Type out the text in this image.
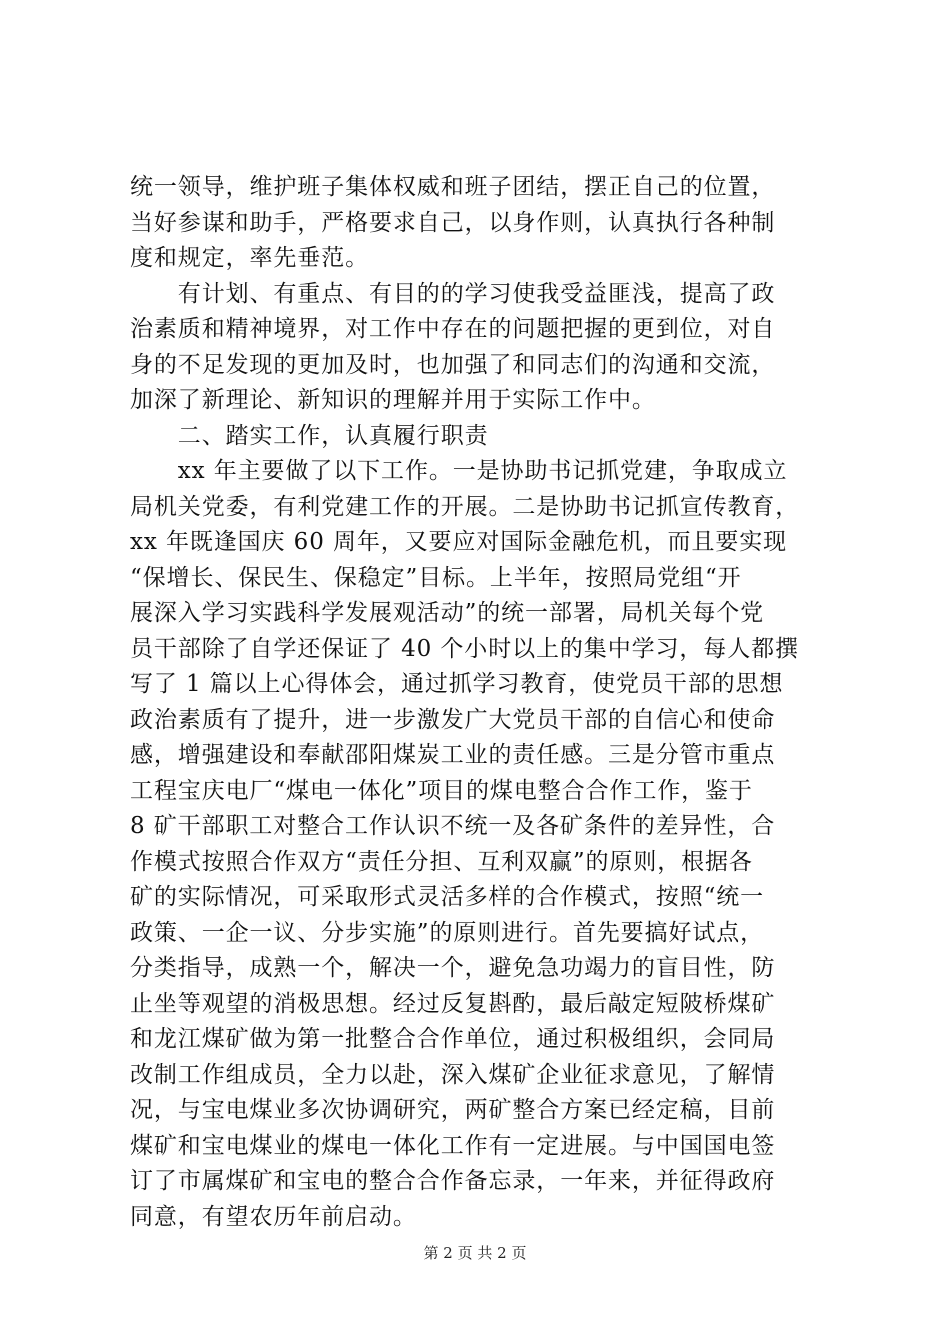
统一领导，维护班子集体权威和班子团结，摆正自己的位置，
当好参谋和助手，严格要求自己，以身作则，认真执行各种制
度和规定，率先垂范。
　　有计划、有重点、有目的的学习使我受益匪浅，提高了政
治素质和精神境界，对工作中存在的问题把握的更到位，对自
身的不足发现的更加及时，也加强了和同志们的沟通和交流，
加深了新理论、新知识的理解并用于实际工作中。
　　二、踏实工作，认真履行职责
　　xx 年主要做了以下工作。一是协助书记抓党建，争取成立
局机关党委，有利党建工作的开展。二是协助书记抓宣传教育，
xx 年既逢国庆 60 周年，又要应对国际金融危机，而且要实现
“保增长、保民生、保稳定”目标。上半年，按照局党组“开
展深入学习实践科学发展观活动”的统一部署，局机关每个党
员干部除了自学还保证了 40 个小时以上的集中学习，每人都撰
写了 1 篇以上心得体会，通过抓学习教育，使党员干部的思想
政治素质有了提升，进一步激发广大党员干部的自信心和使命
感，增强建设和奉献邵阳煤炭工业的责任感。三是分管市重点
工程宝庆电厂“煤电一体化”项目的煤电整合合作工作，鉴于
8 矿干部职工对整合工作认识不统一及各矿条件的差异性，合
作模式按照合作双方“责任分担、互利双赢”的原则，根据各
矿的实际情况，可采取形式灵活多样的合作模式，按照“统一
政策、一企一议、分步实施”的原则进行。首先要搞好试点，
分类指导，成熟一个，解决一个，避免急功竭力的盲目性，防
止坐等观望的消极思想。经过反复斟酌，最后敲定短陂桥煤矿
和龙江煤矿做为第一批整合合作单位，通过积极组织，会同局
改制工作组成员，全力以赴，深入煤矿企业征求意见，了解情
况，与宝电煤业多次协调研究，两矿整合方案已经定稿，目前
煤矿和宝电煤业的煤电一体化工作有一定进展。与中国国电签
订了市属煤矿和宝电的整合合作备忘录，一年来，并征得政府
同意，有望农历年前启动。
第 2 页 共 2 页
